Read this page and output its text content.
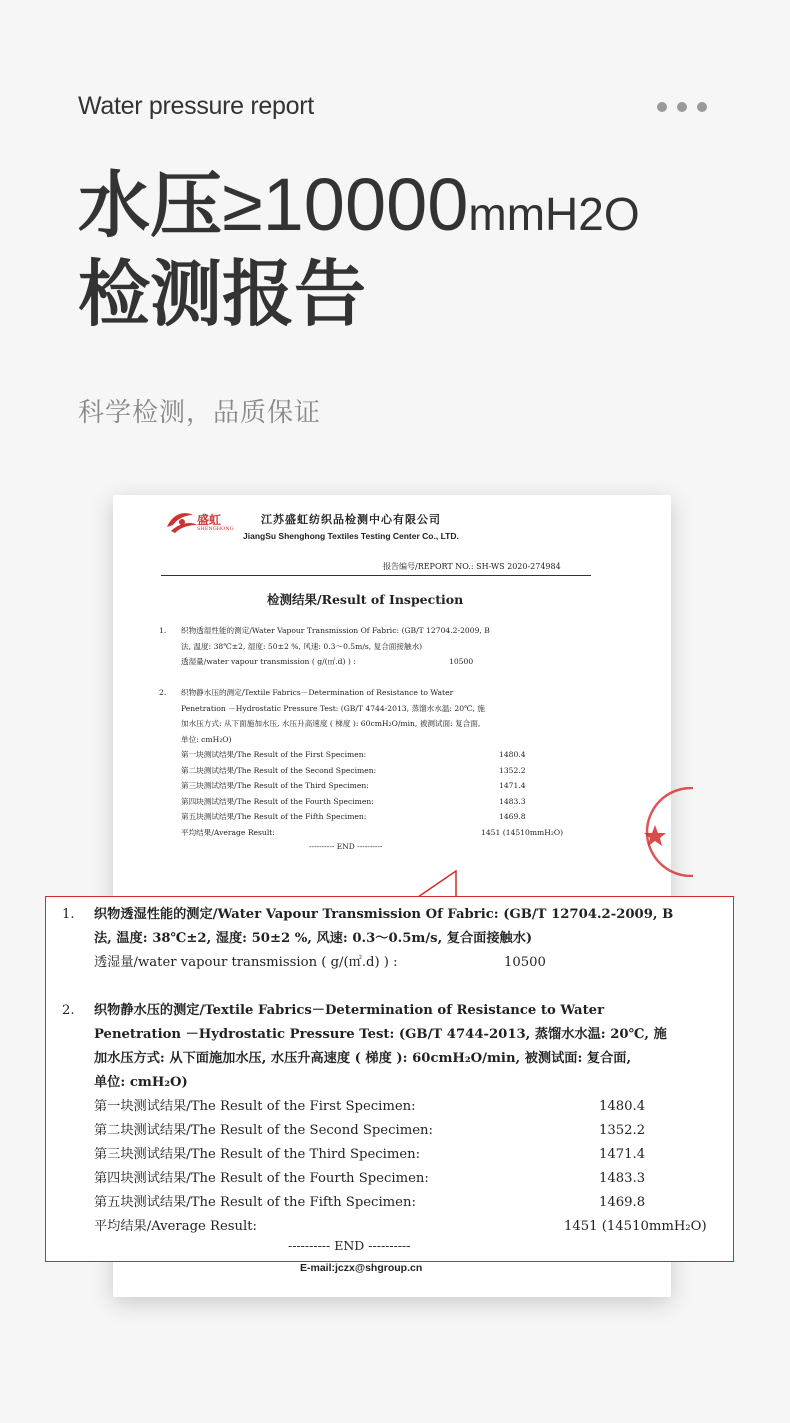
Water pressure report
水压≥10000mmH2O
检测报告
科学检测，品质保证
盛虹
SHENGHONG
江苏盛虹纺织品检测中心有限公司
JiangSu Shenghong Textiles Testing Center Co., LTD.
报告编号/REPORT NO.: SH-WS 2020-274984
检测结果/Result of Inspection
1. 织物透湿性能的测定/Water Vapour Transmission Of Fabric: (GB/T 12704.2-2009, B
法, 温度: 38℃±2, 湿度: 50±2 %, 风速: 0.3～0.5m/s, 复合面接触水)
透湿量/water vapour transmission ( g/(㎡.d) ) :	10500
2. 织物静水压的测定/Textile Fabrics－Determination of Resistance to Water
Penetration －Hydrostatic Pressure Test: (GB/T 4744-2013, 蒸馏水水温: 20℃, 施
加水压方式: 从下面施加水压, 水压升高速度 ( 梯度 ): 60cmH₂O/min, 被测试面: 复合面,
单位: cmH₂O)
第一块测试结果/The Result of the First Specimen:	1480.4
第二块测试结果/The Result of the Second Specimen:	1352.2
第三块测试结果/The Result of the Third Specimen:	1471.4
第四块测试结果/The Result of the Fourth Specimen:	1483.3
第五块测试结果/The Result of the Fifth Specimen:	1469.8
平均结果/Average Result:	1451 (14510mmH₂O)
---------- END ----------
1. 织物透湿性能的测定/Water Vapour Transmission Of Fabric: (GB/T 12704.2-2009, B
法, 温度: 38℃±2, 湿度: 50±2 %, 风速: 0.3～0.5m/s, 复合面接触水)
透湿量/water vapour transmission ( g/(㎡.d) ) :	10500
2. 织物静水压的测定/Textile Fabrics－Determination of Resistance to Water
Penetration －Hydrostatic Pressure Test: (GB/T 4744-2013, 蒸馏水水温: 20℃, 施
加水压方式: 从下面施加水压, 水压升高速度 ( 梯度 ): 60cmH₂O/min, 被测试面: 复合面,
单位: cmH₂O)
第一块测试结果/The Result of the First Specimen:	1480.4
第二块测试结果/The Result of the Second Specimen:	1352.2
第三块测试结果/The Result of the Third Specimen:	1471.4
第四块测试结果/The Result of the Fourth Specimen:	1483.3
第五块测试结果/The Result of the Fifth Specimen:	1469.8
平均结果/Average Result:	1451 (14510mmH₂O)
---------- END ----------
E-mail:jczx@shgroup.cn
